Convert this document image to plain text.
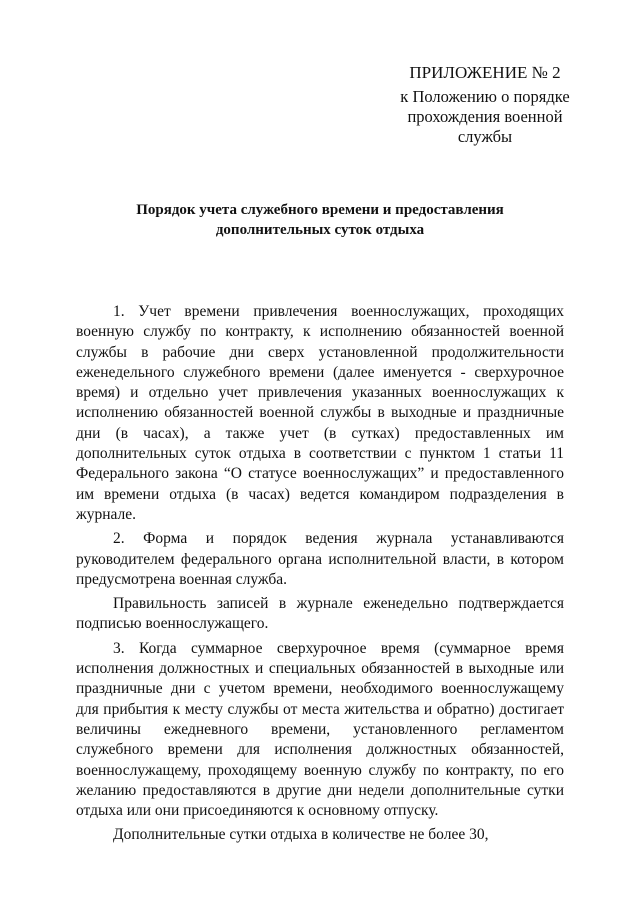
ПРИЛОЖЕНИЕ № 2
к Положению о порядке
прохождения военной
службы
Порядок учета служебного времени и предоставления
дополнительных суток отдыха

1. Учет времени привлечения военнослужащих, проходящих военную службу по контракту, к исполнению обязанностей военной службы в рабочие дни сверх установленной продолжительности еженедельного служебного времени (далее именуется - сверхурочное время) и отдельно учет привлечения указанных военнослужащих к исполнению обязанностей военной службы в выходные и праздничные дни (в часах), а также учет (в сутках) предоставленных им дополнительных суток отдыха в соответствии с пунктом 1 статьи 11 Федерального закона “О статусе военнослужащих” и предоставленного им времени отдыха (в часах) ведется командиром подразделения в журнале.

2. Форма и порядок ведения журнала устанавливаются руководителем федерального органа исполнительной власти, в котором предусмотрена военная служба.

Правильность записей в журнале еженедельно подтверждается подписью военнослужащего.

3. Когда суммарное сверхурочное время (суммарное время исполнения должностных и специальных обязанностей в выходные или праздничные дни с учетом времени, необходимого военнослужащему для прибытия к месту службы от места жительства и обратно) достигает величины ежедневного времени, установленного регламентом служебного времени для исполнения должностных обязанностей, военнослужащему, проходящему военную службу по контракту, по его желанию предоставляются в другие дни недели дополнительные сутки отдыха или они присоединяются к основному отпуску.

Дополнительные сутки отдыха в количестве не более 30,
